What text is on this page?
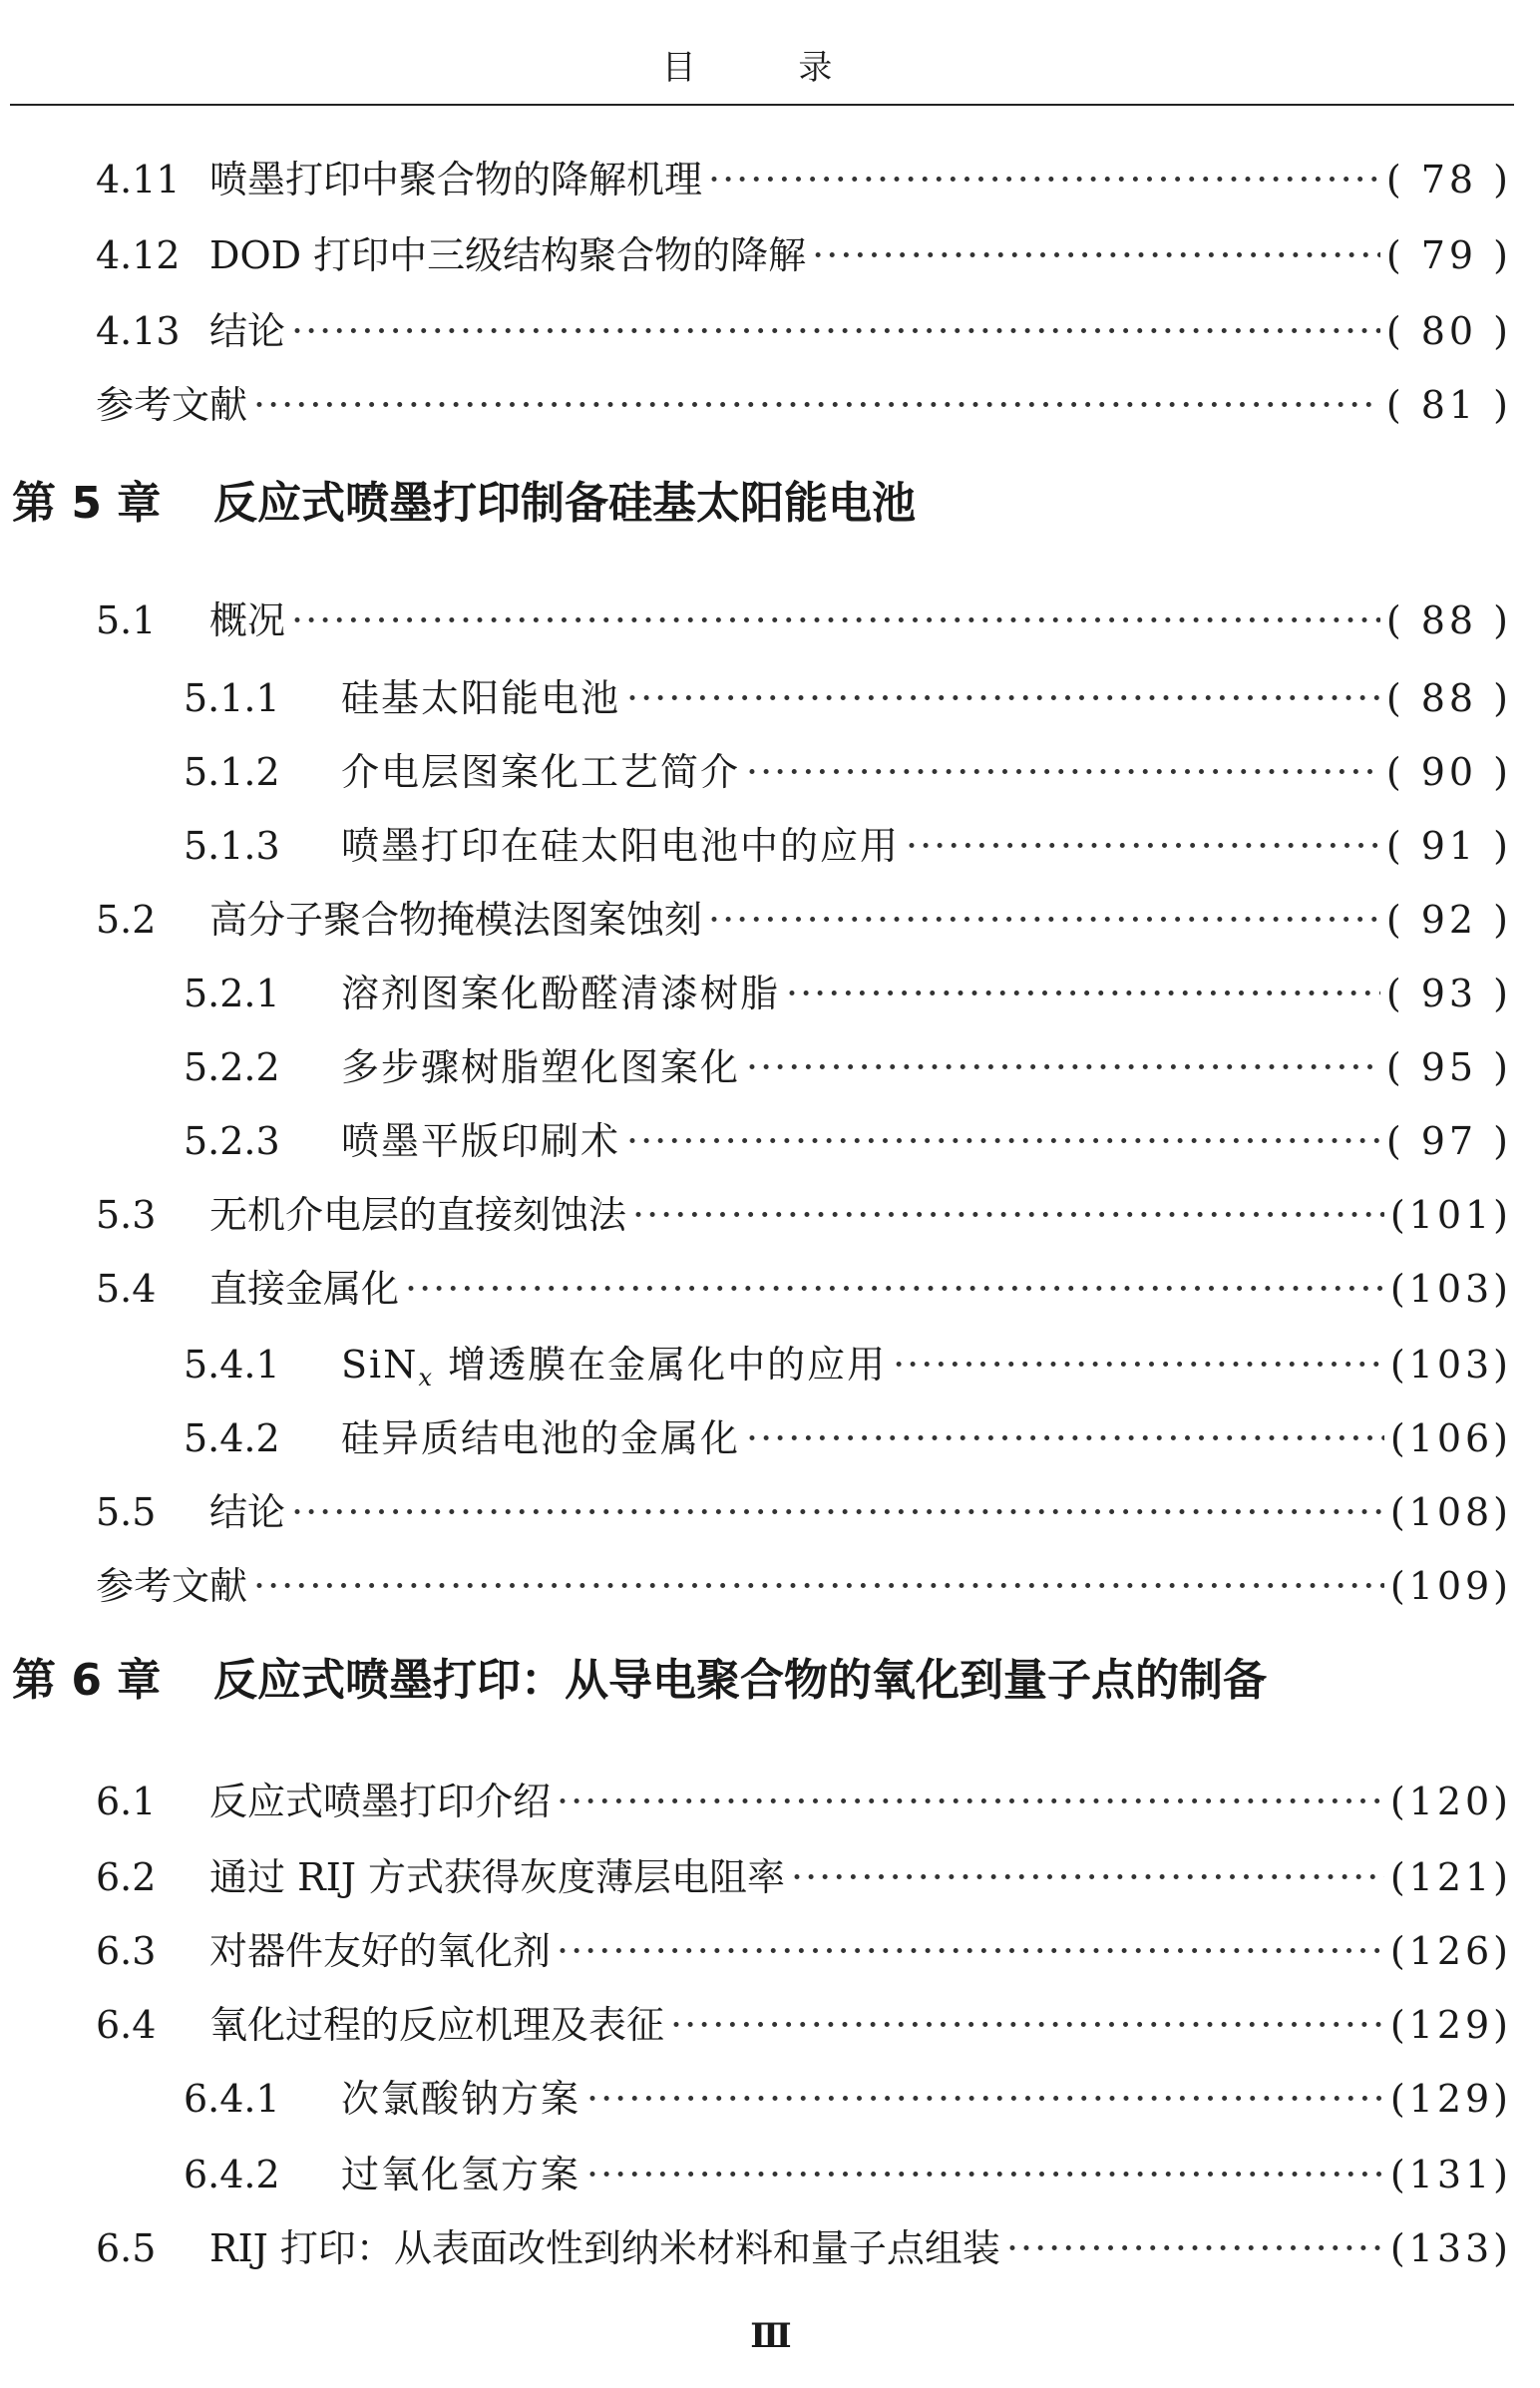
目 录
4.11 喷墨打印中聚合物的降解机理 ·····	( 78 )
4.12 DOD 打印中三级结构聚合物的降解 ·····	( 79 )
4.13 结论 ·····	( 80 )
参考文献 ·····	( 81 )
第 5 章 反应式喷墨打印制备硅基太阳能电池
5.1	概况 ·····	( 88 )
5.1.1	硅基太阳能电池 ·····	( 88 )
5.1.2	介电层图案化工艺简介 ·····	( 90 )
5.1.3	喷墨打印在硅太阳电池中的应用 ·····	( 91 )
5.2	高分子聚合物掩模法图案蚀刻 ·····	( 92 )
5.2.1	溶剂图案化酚醛清漆树脂 ·····	( 93 )
5.2.2	多步骤树脂塑化图案化 ·····	( 95 )
5.2.3	喷墨平版印刷术 ·····	( 97 )
5.3	无机介电层的直接刻蚀法 ·····	(101)
5.4	直接金属化 ·····	(103)
5.4.1	SiN$_x$ 增透膜在金属化中的应用 ·····	(103)
5.4.2	硅异质结电池的金属化 ·····	(106)
5.5	结论 ·····	(108)
参考文献 ·····	(109)
第 6 章 反应式喷墨打印：从导电聚合物的氧化到量子点的制备
6.1	反应式喷墨打印介绍 ·····	(120)
6.2	通过 RIJ 方式获得灰度薄层电阻率 ·····	(121)
6.3	对器件友好的氧化剂 ·····	(126)
6.4	氧化过程的反应机理及表征 ·····	(129)
6.4.1	次氯酸钠方案 ·····	(129)
6.4.2	过氧化氢方案 ·····	(131)
6.5	RIJ 打印：从表面改性到纳米材料和量子点组装 ·····	(133)
Ⅲ
